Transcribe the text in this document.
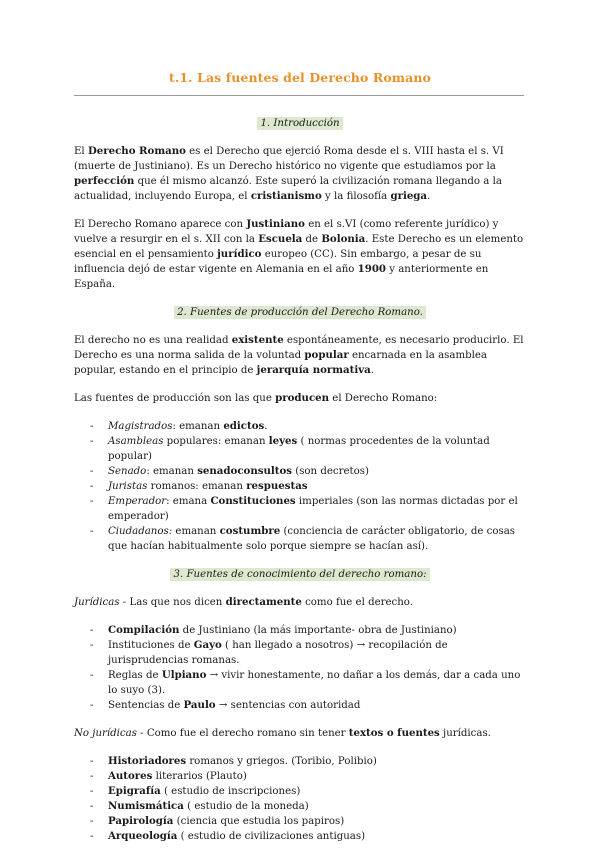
t.1. Las fuentes del Derecho Romano
1. Introducción

El Derecho Romano es el Derecho que ejerció Roma desde el s. VIII hasta el s. VI (muerte de Justiniano). Es un Derecho histórico no vigente que estudiamos por la perfección que él mismo alcanzó. Este superó la civilización romana llegando a la actualidad, incluyendo Europa, el cristianismo y la filosofía griega.

El Derecho Romano aparece con Justiniano en el s.VI (como referente jurídico) y vuelve a resurgir en el s. XII con la Escuela de Bolonia. Este Derecho es un elemento esencial en el pensamiento jurídico europeo (CC). Sin embargo, a pesar de su influencia dejó de estar vigente en Alemania en el año 1900 y anteriormente en España.

2. Fuentes de producción del Derecho Romano.

El derecho no es una realidad existente espontáneamente, es necesario producirlo. El Derecho es una norma salida de la voluntad popular encarnada en la asamblea popular, estando en el principio de jerarquía normativa.

Las fuentes de producción son las que producen el Derecho Romano:

- Magistrados: emanan edictos.
- Asambleas populares: emanan leyes ( normas procedentes de la voluntad popular)
- Senado: emanan senadoconsultos (son decretos)
- Juristas romanos: emanan respuestas
- Emperador: emana Constituciones imperiales (son las normas dictadas por el emperador)
- Ciudadanos: emanan costumbre (conciencia de carácter obligatorio, de cosas que hacían habitualmente solo porque siempre se hacían así).
3. Fuentes de conocimiento del derecho romano:

Jurídicas - Las que nos dicen directamente como fue el derecho.

- Compilación de Justiniano (la más importante- obra de Justiniano)
- Instituciones de Gayo ( han llegado a nosotros) → recopilación de jurisprudencias romanas.
- Reglas de Ulpiano → vivir honestamente, no dañar a los demás, dar a cada uno lo suyo (3).
- Sentencias de Paulo → sentencias con autoridad

No jurídicas - Como fue el derecho romano sin tener textos o fuentes jurídicas.

- Historiadores romanos y griegos. (Toribio, Polibio)
- Autores literarios (Plauto)
- Epigrafía ( estudio de inscripciones)
- Numismática ( estudio de la moneda)
- Papirología (ciencia que estudia los papiros)
- Arqueología ( estudio de civilizaciones antiguas)
